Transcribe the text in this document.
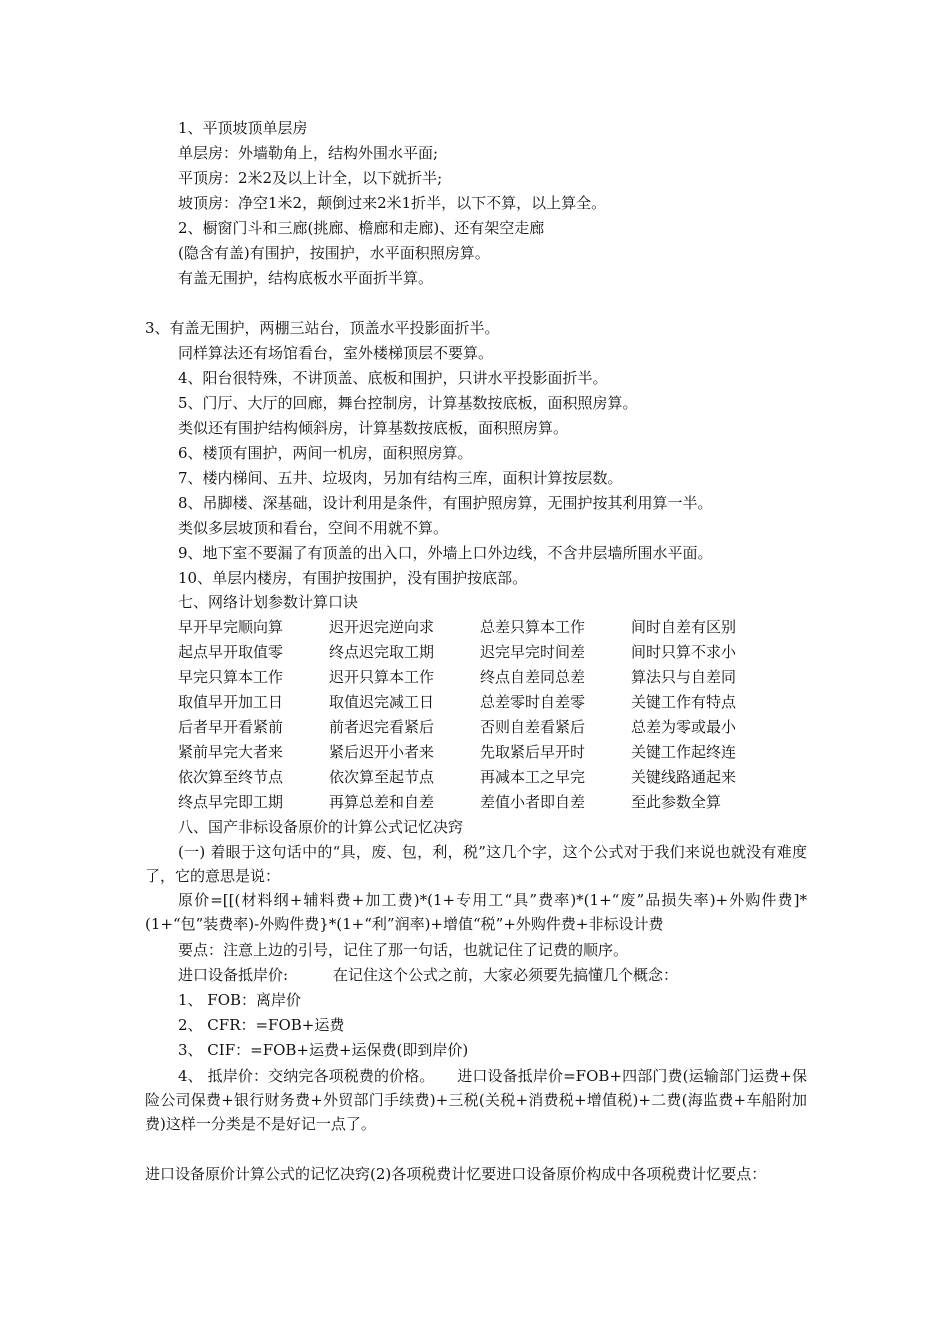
1、平顶坡顶单层房
单层房：外墙勒角上，结构外围水平面;
平顶房：2米2及以上计全，以下就折半;
坡顶房：净空1米2，颠倒过来2米1折半，以下不算，以上算全。
2、橱窗门斗和三廊(挑廊、檐廊和走廊)、还有架空走廊
(隐含有盖)有围护，按围护，水平面积照房算。
有盖无围护，结构底板水平面折半算。
3、有盖无围护，两棚三站台，顶盖水平投影面折半。
同样算法还有场馆看台，室外楼梯顶层不要算。
4、阳台很特殊，不讲顶盖、底板和围护，只讲水平投影面折半。
5、门厅、大厅的回廊，舞台控制房，计算基数按底板，面积照房算。
类似还有围护结构倾斜房，计算基数按底板，面积照房算。
6、楼顶有围护，两间一机房，面积照房算。
7、楼内梯间、五井、垃圾肉，另加有结构三库，面积计算按层数。
8、吊脚楼、深基础，设计利用是条件，有围护照房算，无围护按其利用算一半。
类似多层坡顶和看台，空间不用就不算。
9、地下室不要漏了有顶盖的出入口，外墙上口外边线，不含井层墙所围水平面。
10、单层内楼房，有围护按围护，没有围护按底部。
七、网络计划参数计算口诀
早开早完顺向算	迟开迟完逆向求	总差只算本工作	间时自差有区别
起点早开取值零	终点迟完取工期	迟完早完时间差	间时只算不求小
早完只算本工作	迟开只算本工作	终点自差同总差	算法只与自差同
取值早开加工日	取值迟完减工日	总差零时自差零	关键工作有特点
后者早开看紧前	前者迟完看紧后	否则自差看紧后	总差为零或最小
紧前早完大者来	紧后迟开小者来	先取紧后早开时	关键工作起终连
依次算至终节点	依次算至起节点	再减本工之早完	关键线路通起来
终点早完即工期	再算总差和自差	差值小者即自差	至此参数全算
八、国产非标设备原价的计算公式记忆决窍
(一) 着眼于这句话中的“具，废、包，利，税”这几个字，这个公式对于我们来说也就没有难度了，它的意思是说：
原价=[[(材料纲+辅料费+加工费)*(1+专用工“具”费率)*(1+“废”品损失率)+外购件费]*(1+“包”装费率)-外购件费}*(1+“利”润率)+增值“税”+外购件费+非标设计费
要点：注意上边的引号，记住了那一句话，也就记住了记费的顺序。
进口设备抵岸价:	在记住这个公式之前，大家必须要先搞懂几个概念：
1、 FOB：离岸价
2、 CFR：=FOB+运费
3、 CIF：=FOB+运费+运保费(即到岸价)
4、 抵岸价：交纳完各项税费的价格。　　进口设备抵岸价=FOB+四部门费(运输部门运费+保险公司保费+银行财务费+外贸部门手续费)+三税(关税+消费税+增值税)+二费(海监费+车船附加费)这样一分类是不是好记一点了。
进口设备原价计算公式的记忆决窍(2)各项税费计忆要进口设备原价构成中各项税费计忆要点：
